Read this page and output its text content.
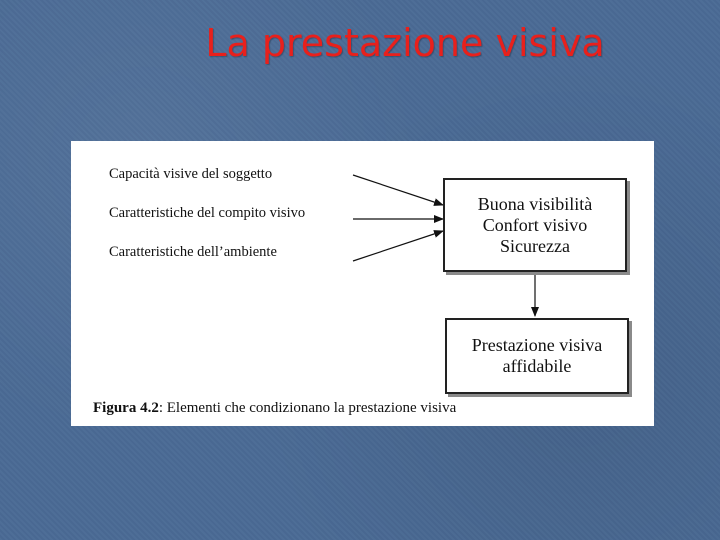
La prestazione visiva
Capacità visive del soggetto
Caratteristiche del compito visivo
Caratteristiche dell’ambiente
Buona visibilità
Confort visivo
Sicurezza
Prestazione visiva
affidabile
Figura 4.2: Elementi che condizionano la prestazione visiva
